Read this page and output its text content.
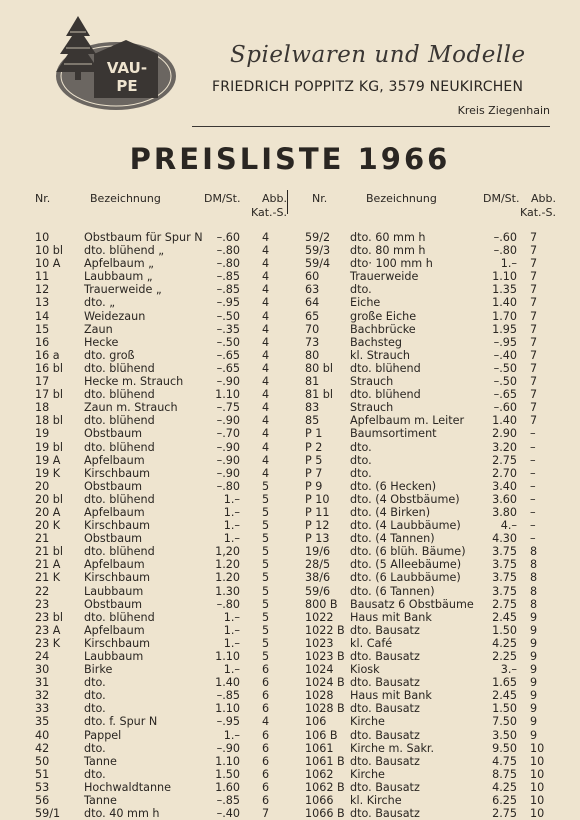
VAU-
PE
Spielwaren und Modelle
FRIEDRICH POPPITZ KG, 3579 NEUKIRCHEN
Kreis Ziegenhain
PREISLISTE 1966
Nr.	Bezeichnung	DM/St.	Abb.
Kat.-S.
Nr.	Bezeichnung	DM/St.	Abb.
Kat.-S.
10	Obstbaum für Spur N	–.60 4	59/2 dto. 60 mm h	–.60 7
10 bl dto. blühend „	–.80 4	59/3 dto. 80 mm h	–.80 7
10 A Apfelbaum „	–.80 4	59/4 dto· 100 mm h	1.– 7
11	Laubbaum „	–.85 4	60	Trauerweide	1.10 7
12	Trauerweide „	–.85 4	63	dto.	1.35 7
13	dto. „	–.95 4	64	Eiche	1.40 7
14	Weidezaun	–.50 4	65	große Eiche	1.70 7
15	Zaun	–.35 4	70	Bachbrücke	1.95 7
16	Hecke	–.50 4	73	Bachsteg	–.95 7
16 a dto. groß	–.65 4	80	kl. Strauch	–.40 7
16 bl dto. blühend	–.65 4	80 bl dto. blühend	–.50 7
17	Hecke m. Strauch	–.90 4	81	Strauch	–.50 7
17 bl dto. blühend	1.10 4	81 bl dto. blühend	–.65 7
18	Zaun m. Strauch	–.75 4	83	Strauch	–.60 7
18 bl dto. blühend	–.90 4	85	Apfelbaum m. Leiter	1.40 7
19	Obstbaum	–.70 4	P 1 Baumsortiment	2.90 –
19 bl dto. blühend	–.90 4	P 2 dto.	3.20 –
19 A Apfelbaum	–.90 4	P 5 dto.	2.75 –
19 K Kirschbaum	–.90 4	P 7 dto.	2.70 –
20	Obstbaum	–.80 5	P 9 dto. (6 Hecken)	3.40 –
20 bl dto. blühend	1.– 5	P 10 dto. (4 Obstbäume)	3.60 –
20 A Apfelbaum	1.– 5	P 11 dto. (4 Birken)	3.80 –
20 K Kirschbaum	1.– 5	P 12 dto. (4 Laubbäume)	4.– –
21	Obstbaum	1.– 5	P 13 dto. (4 Tannen)	4.30 –
21 bl dto. blühend	1,20 5	19/6 dto. (6 blüh. Bäume)	3.75 8
21 A Apfelbaum	1.20 5	28/5 dto. (5 Alleebäume)	3.75 8
21 K Kirschbaum	1.20 5	38/6 dto. (6 Laubbäume)	3.75 8
22	Laubbaum	1.30 5	59/6 dto. (6 Tannen)	3.75 8
23	Obstbaum	–.80 5	800 B Bausatz 6 Obstbäume	2.75 8
23 bl dto. blühend	1.– 5	1022 Haus mit Bank	2.45 9
23 A Apfelbaum	1.– 5	1022 B dto. Bausatz	1.50 9
23 K Kirschbaum	1.– 5	1023 kl. Café	4.25 9
24	Laubbaum	1.10 5	1023 B dto. Bausatz	2.25 9
30	Birke	1.– 6	1024 Kiosk	3.– 9
31	dto.	1.40 6	1024 B dto. Bausatz	1.65 9
32	dto.	–.85 6	1028 Haus mit Bank	2.45 9
33	dto.	1.10 6	1028 B dto. Bausatz	1.50 9
35	dto. f. Spur N	–.95 4	106 Kirche	7.50 9
40	Pappel	1.– 6	106 B dto. Bausatz	3.50 9
42	dto.	–.90 6	1061 Kirche m. Sakr.	9.50 10
50	Tanne	1.10 6	1061 B dto. Bausatz	4.75 10
51	dto.	1.50 6	1062 Kirche	8.75 10
53	Hochwaldtanne	1.60 6	1062 B dto. Bausatz	4.25 10
56	Tanne	–.85 6	1066 kl. Kirche	6.25 10
59/1 dto. 40 mm h	–.40 7	1066 B dto. Bausatz	2.75 10
